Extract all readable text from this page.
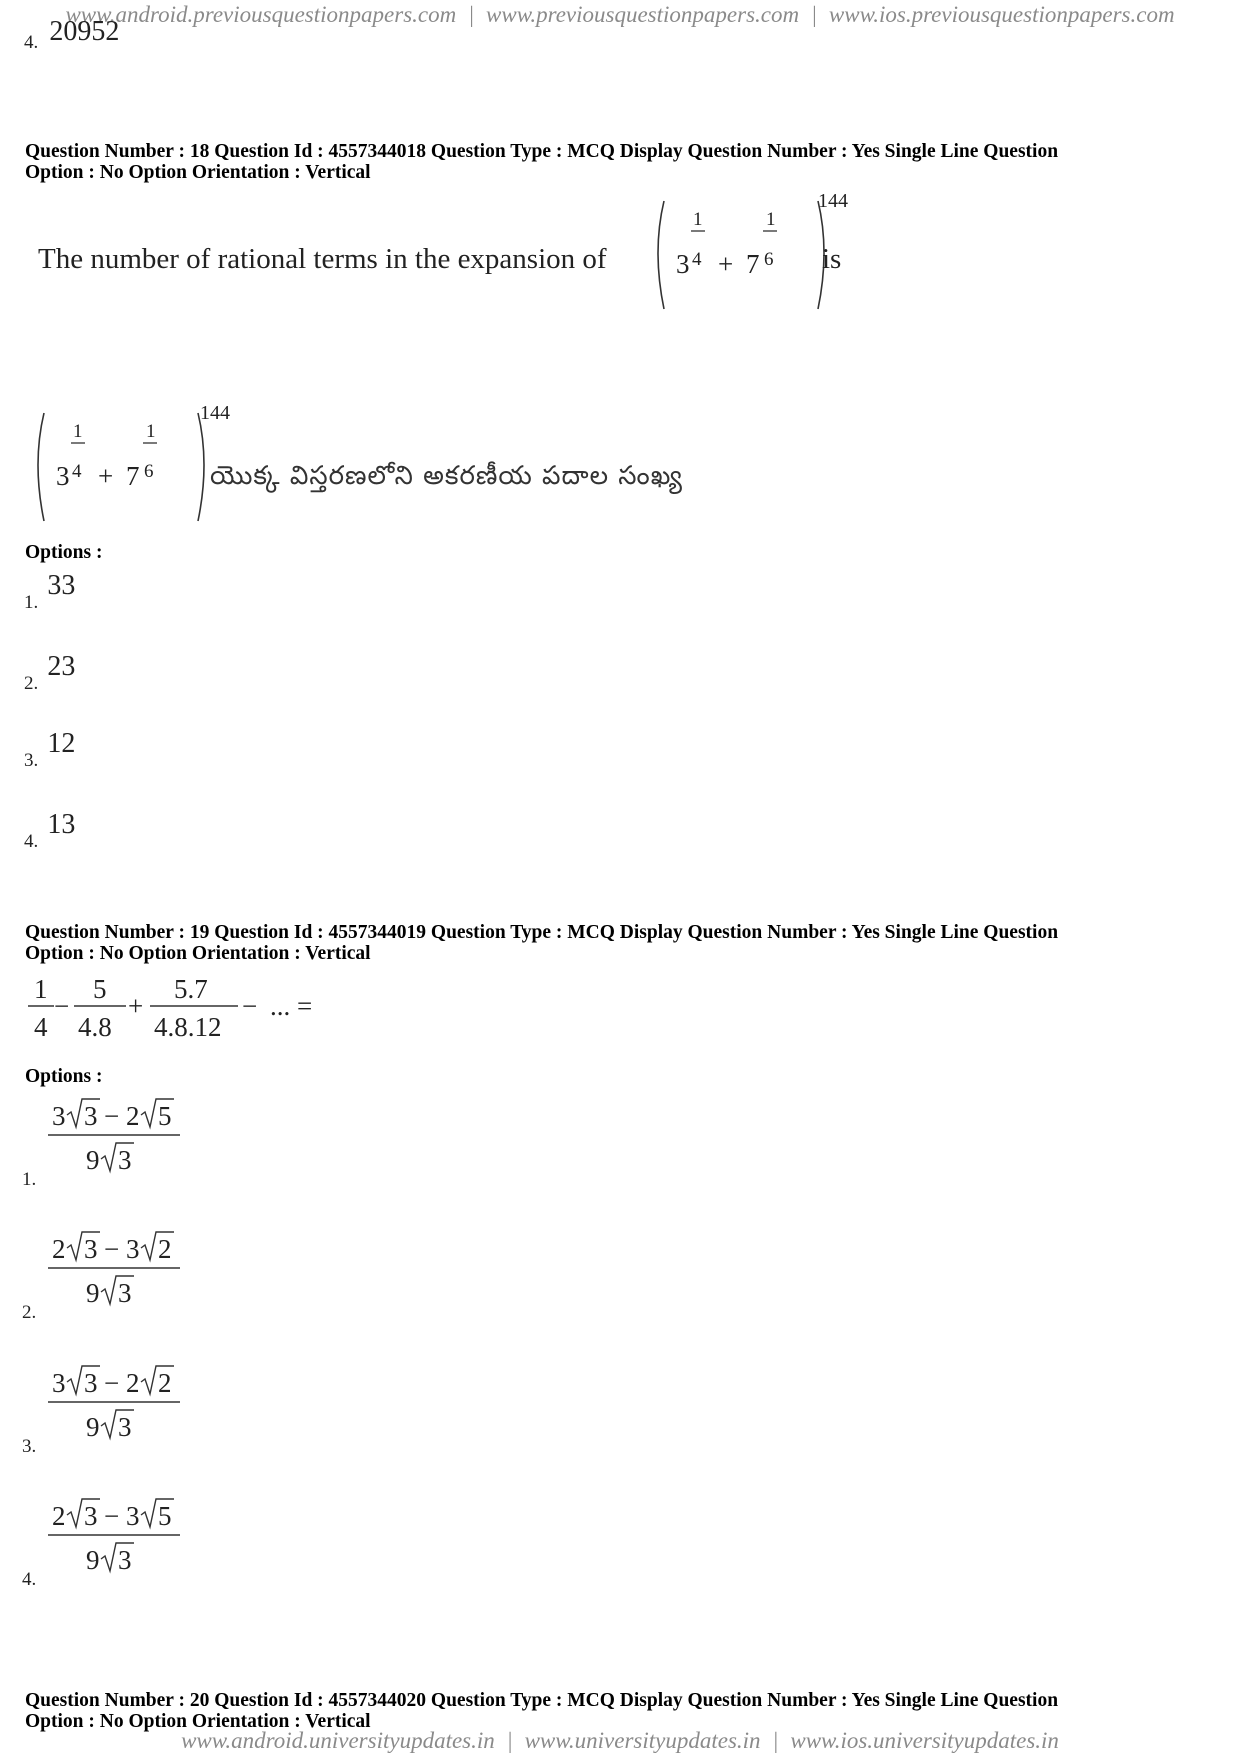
www.android.previousquestionpapers.com | www.previousquestionpapers.com | www.ios.previousquestionpapers.com
4. 20952
Question Number : 18 Question Id : 4557344018 Question Type : MCQ Display Question Number : Yes Single Line Question
Option : No Option Orientation : Vertical
The number of rational terms in the expansion of	3
1
4 + 7
1
6
144
is
3
1
4 + 7
1
6
144
యొక్క విస్తరణలోని అకరణీయ పదాల సంఖ్య
Options :
1. 33
2. 23
3. 12
4. 13
Question Number : 19 Question Id : 4557344019 Question Type : MCQ Display Question Number : Yes Single Line Question
Option : No Option Orientation : Vertical
1
4
−
5
4.8
+
5.7
4.8.12
− ... =
Options :
1.
3 3 − 2 5
9 3
2.
2 3 − 3 2
9 3
3.
3 3 − 2 2
9 3
4.
2 3 − 3 5
9 3
Question Number : 20 Question Id : 4557344020 Question Type : MCQ Display Question Number : Yes Single Line Question
Option : No Option Orientation : Vertical
www.android.universityupdates.in | www.universityupdates.in | www.ios.universityupdates.in
